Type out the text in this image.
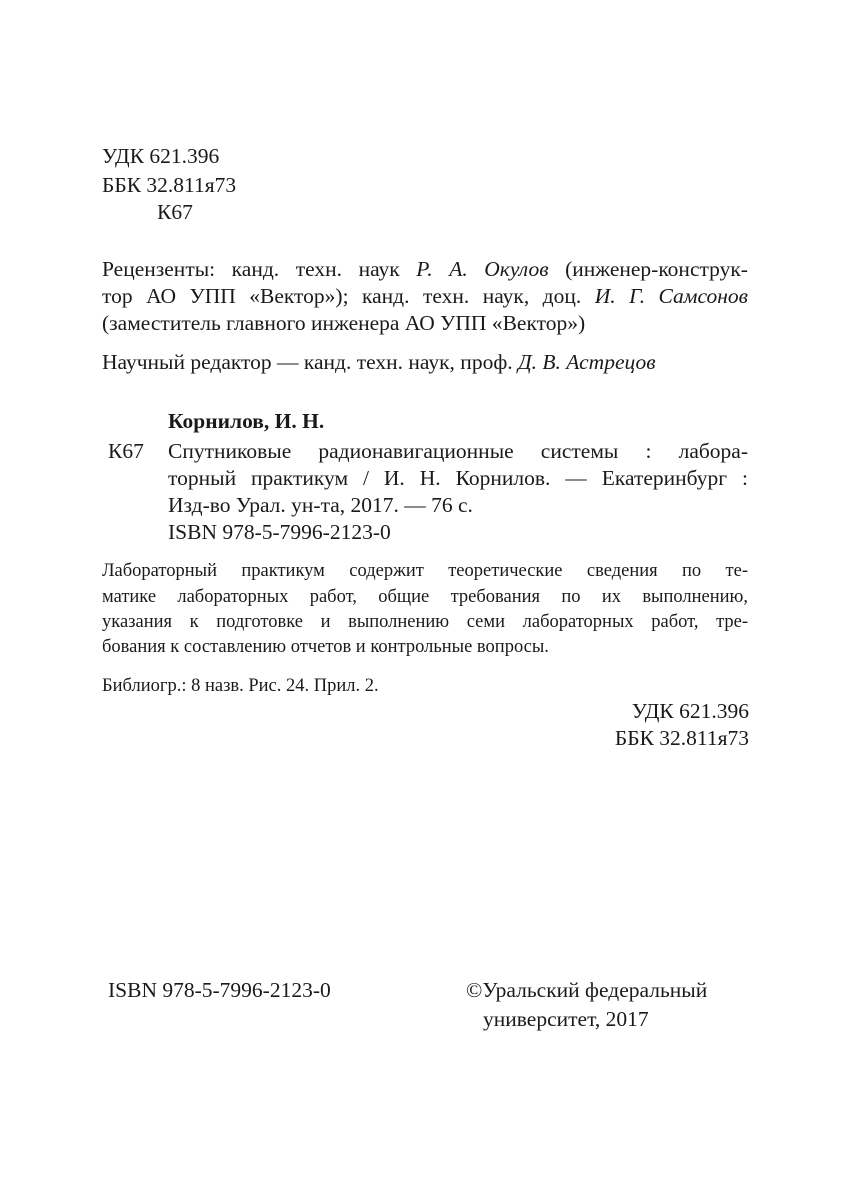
УДК 621.396
ББК 32.811я73
К67
Рецензенты: канд. техн. наук Р. А. Окулов (инженер-конструк-
тор АО УПП «Вектор»); канд. техн. наук, доц. И. Г. Самсонов
(заместитель главного инженера АО УПП «Вектор»)
Научный редактор — канд. техн. наук, проф. Д. В. Астрецов
Корнилов, И. Н.
К67 Спутниковые радионавигационные системы : лабора-
торный практикум / И. Н. Корнилов. — Екатеринбург :
Изд-во Урал. ун-та, 2017. — 76 с.
ISBN 978-5-7996-2123-0
Лабораторный практикум содержит теоретические сведения по те-
матике лабораторных работ, общие требования по их выполнению,
указания к подготовке и выполнению семи лабораторных работ, тре-
бования к составлению отчетов и контрольные вопросы.
Библиогр.: 8 назв. Рис. 24. Прил. 2.
УДК 621.396
ББК 32.811я73
ISBN 978-5-7996-2123-0	©Уральский федеральный
университет, 2017
